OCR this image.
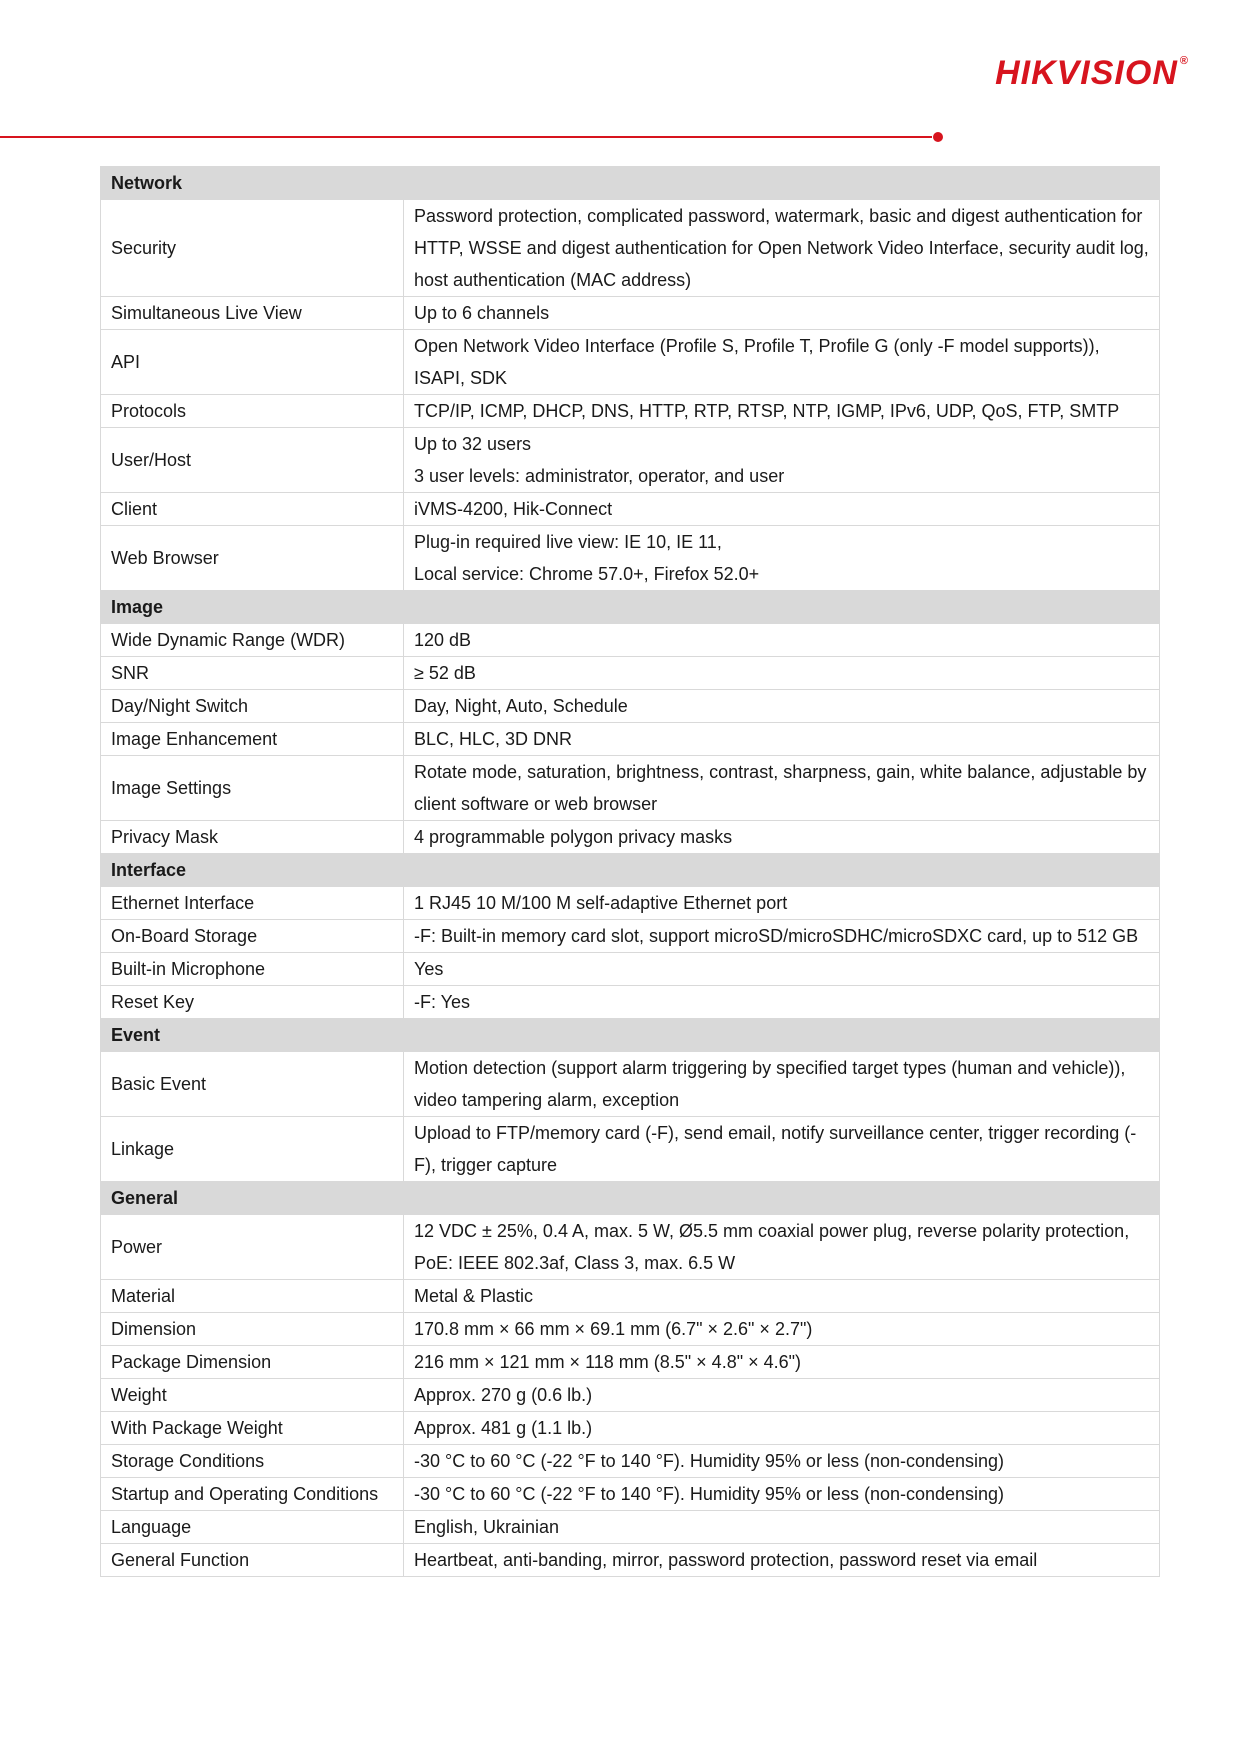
HIKVISION ®
Network	
Security	Password protection, complicated password, watermark, basic and digest authentication for HTTP, WSSE and digest authentication for Open Network Video Interface, security audit log, host authentication (MAC address)
Simultaneous Live View	Up to 6 channels
API	Open Network Video Interface (Profile S, Profile T, Profile G (only -F model supports)), ISAPI, SDK
Protocols	TCP/IP, ICMP, DHCP, DNS, HTTP, RTP, RTSP, NTP, IGMP, IPv6, UDP, QoS, FTP, SMTP
User/Host	Up to 32 users
3 user levels: administrator, operator, and user
Client	iVMS-4200, Hik-Connect
Web Browser	Plug-in required live view: IE 10, IE 11,
Local service: Chrome 57.0+, Firefox 52.0+
Image	
Wide Dynamic Range (WDR)	120 dB
SNR	≥ 52 dB
Day/Night Switch	Day, Night, Auto, Schedule
Image Enhancement	BLC, HLC, 3D DNR
Image Settings	Rotate mode, saturation, brightness, contrast, sharpness, gain, white balance, adjustable by client software or web browser
Privacy Mask	4 programmable polygon privacy masks
Interface	
Ethernet Interface	1 RJ45 10 M/100 M self-adaptive Ethernet port
On-Board Storage	-F: Built-in memory card slot, support microSD/microSDHC/microSDXC card, up to 512 GB
Built-in Microphone	Yes
Reset Key	-F: Yes
Event	
Basic Event	Motion detection (support alarm triggering by specified target types (human and vehicle)), video tampering alarm, exception
Linkage	Upload to FTP/memory card (-F), send email, notify surveillance center, trigger recording (-F), trigger capture
General	
Power	12 VDC ± 25%, 0.4 A, max. 5 W, Ø5.5 mm coaxial power plug, reverse polarity protection,
PoE: IEEE 802.3af, Class 3, max. 6.5 W
Material	Metal & Plastic
Dimension	170.8 mm × 66 mm × 69.1 mm (6.7" × 2.6" × 2.7")
Package Dimension	216 mm × 121 mm × 118 mm (8.5" × 4.8" × 4.6")
Weight	Approx. 270 g (0.6 lb.)
With Package Weight	Approx. 481 g (1.1 lb.)
Storage Conditions	-30 °C to 60 °C (-22 °F to 140 °F). Humidity 95% or less (non-condensing)
Startup and Operating Conditions	-30 °C to 60 °C (-22 °F to 140 °F). Humidity 95% or less (non-condensing)
Language	English, Ukrainian
General Function	Heartbeat, anti-banding, mirror, password protection, password reset via email
